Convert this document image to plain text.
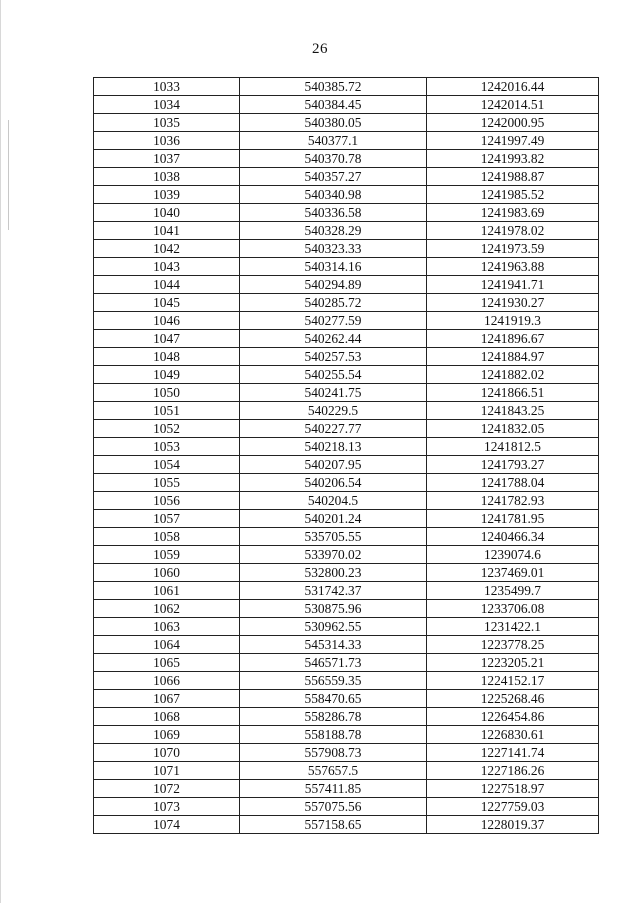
26
1033	540385.72	1242016.44
1034	540384.45	1242014.51
1035	540380.05	1242000.95
1036	540377.1	1241997.49
1037	540370.78	1241993.82
1038	540357.27	1241988.87
1039	540340.98	1241985.52
1040	540336.58	1241983.69
1041	540328.29	1241978.02
1042	540323.33	1241973.59
1043	540314.16	1241963.88
1044	540294.89	1241941.71
1045	540285.72	1241930.27
1046	540277.59	1241919.3
1047	540262.44	1241896.67
1048	540257.53	1241884.97
1049	540255.54	1241882.02
1050	540241.75	1241866.51
1051	540229.5	1241843.25
1052	540227.77	1241832.05
1053	540218.13	1241812.5
1054	540207.95	1241793.27
1055	540206.54	1241788.04
1056	540204.5	1241782.93
1057	540201.24	1241781.95
1058	535705.55	1240466.34
1059	533970.02	1239074.6
1060	532800.23	1237469.01
1061	531742.37	1235499.7
1062	530875.96	1233706.08
1063	530962.55	1231422.1
1064	545314.33	1223778.25
1065	546571.73	1223205.21
1066	556559.35	1224152.17
1067	558470.65	1225268.46
1068	558286.78	1226454.86
1069	558188.78	1226830.61
1070	557908.73	1227141.74
1071	557657.5	1227186.26
1072	557411.85	1227518.97
1073	557075.56	1227759.03
1074	557158.65	1228019.37
